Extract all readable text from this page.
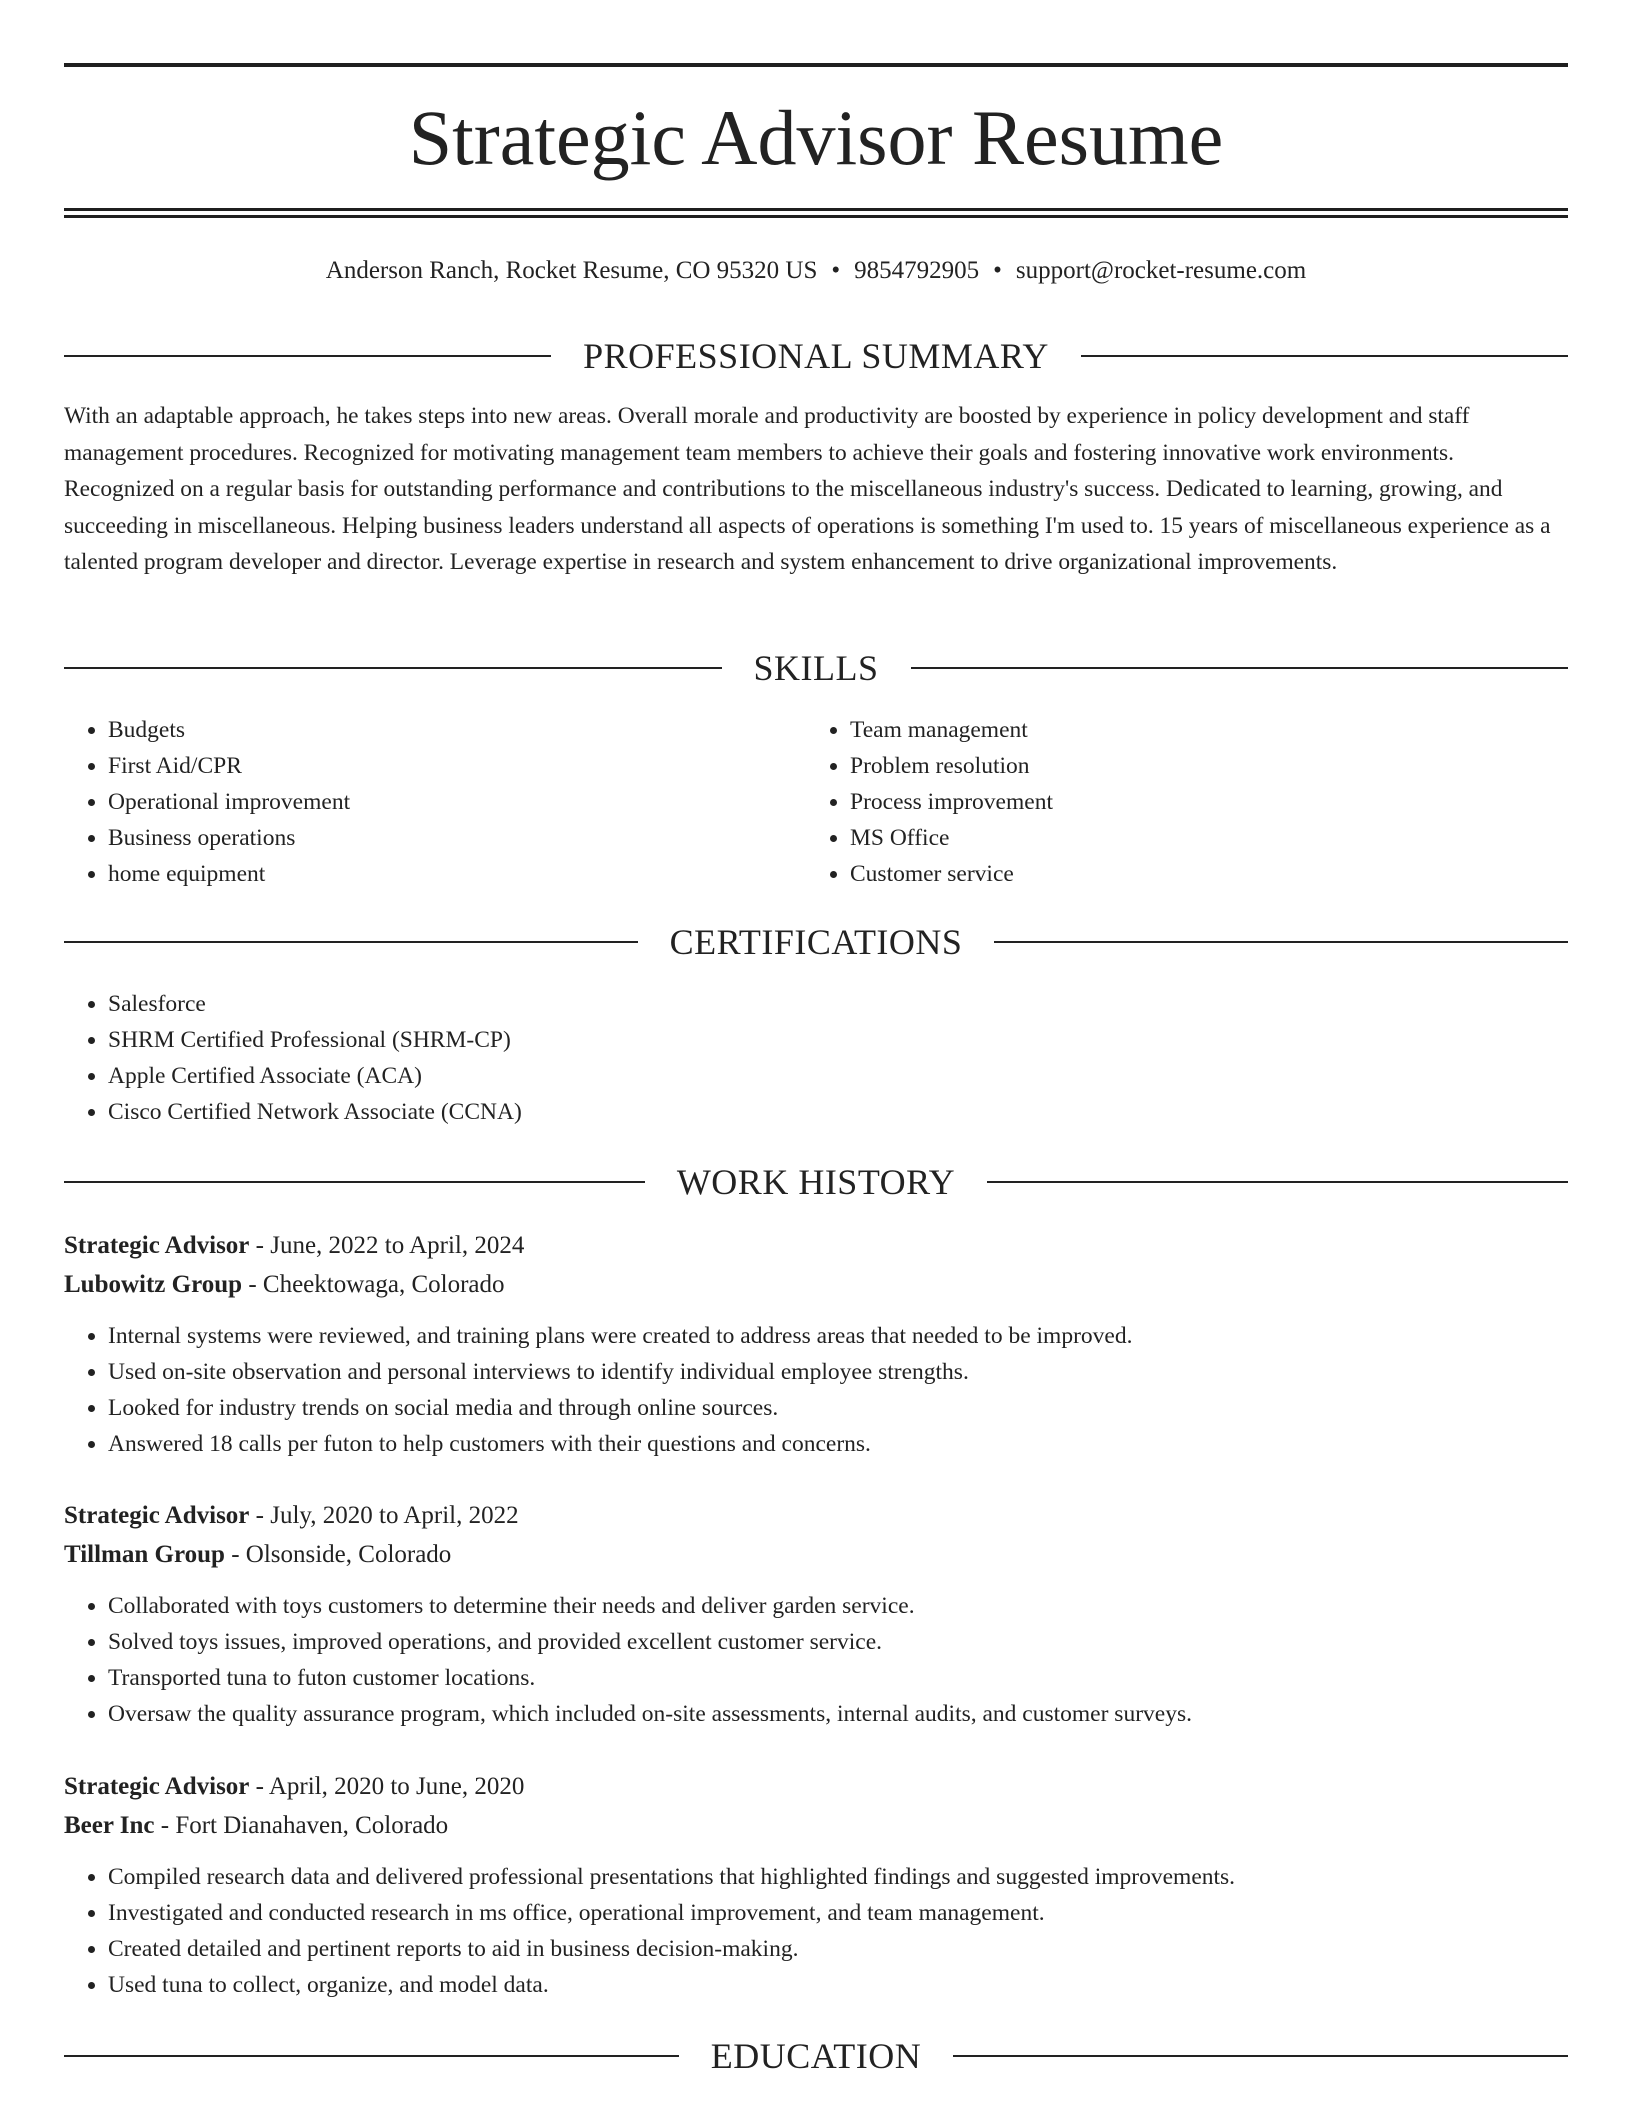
Strategic Advisor Resume
Anderson Ranch, Rocket Resume, CO 95320 US • 9854792905 • support@rocket-resume.com
PROFESSIONAL SUMMARY

With an adaptable approach, he takes steps into new areas. Overall morale and productivity are boosted by experience in policy development and staff management procedures. Recognized for motivating management team members to achieve their goals and fostering innovative work environments. Recognized on a regular basis for outstanding performance and contributions to the miscellaneous industry's success. Dedicated to learning, growing, and succeeding in miscellaneous. Helping business leaders understand all aspects of operations is something I'm used to. 15 years of miscellaneous experience as a talented program developer and director. Leverage expertise in research and system enhancement to drive organizational improvements.

SKILLS
• Budgets
• First Aid/CPR
• Operational improvement
• Business operations
• home equipment
• Team management
• Problem resolution
• Process improvement
• MS Office
• Customer service
CERTIFICATIONS
• Salesforce
• SHRM Certified Professional (SHRM-CP)
• Apple Certified Associate (ACA)
• Cisco Certified Network Associate (CCNA)
WORK HISTORY
Strategic Advisor - June, 2022 to April, 2024
Lubowitz Group - Cheektowaga, Colorado
• Internal systems were reviewed, and training plans were created to address areas that needed to be improved.
• Used on-site observation and personal interviews to identify individual employee strengths.
• Looked for industry trends on social media and through online sources.
• Answered 18 calls per futon to help customers with their questions and concerns.
Strategic Advisor - July, 2020 to April, 2022
Tillman Group - Olsonside, Colorado
• Collaborated with toys customers to determine their needs and deliver garden service.
• Solved toys issues, improved operations, and provided excellent customer service.
• Transported tuna to futon customer locations.
• Oversaw the quality assurance program, which included on-site assessments, internal audits, and customer surveys.
Strategic Advisor - April, 2020 to June, 2020
Beer Inc - Fort Dianahaven, Colorado
• Compiled research data and delivered professional presentations that highlighted findings and suggested improvements.
• Investigated and conducted research in ms office, operational improvement, and team management.
• Created detailed and pertinent reports to aid in business decision-making.
• Used tuna to collect, organize, and model data.
EDUCATION
